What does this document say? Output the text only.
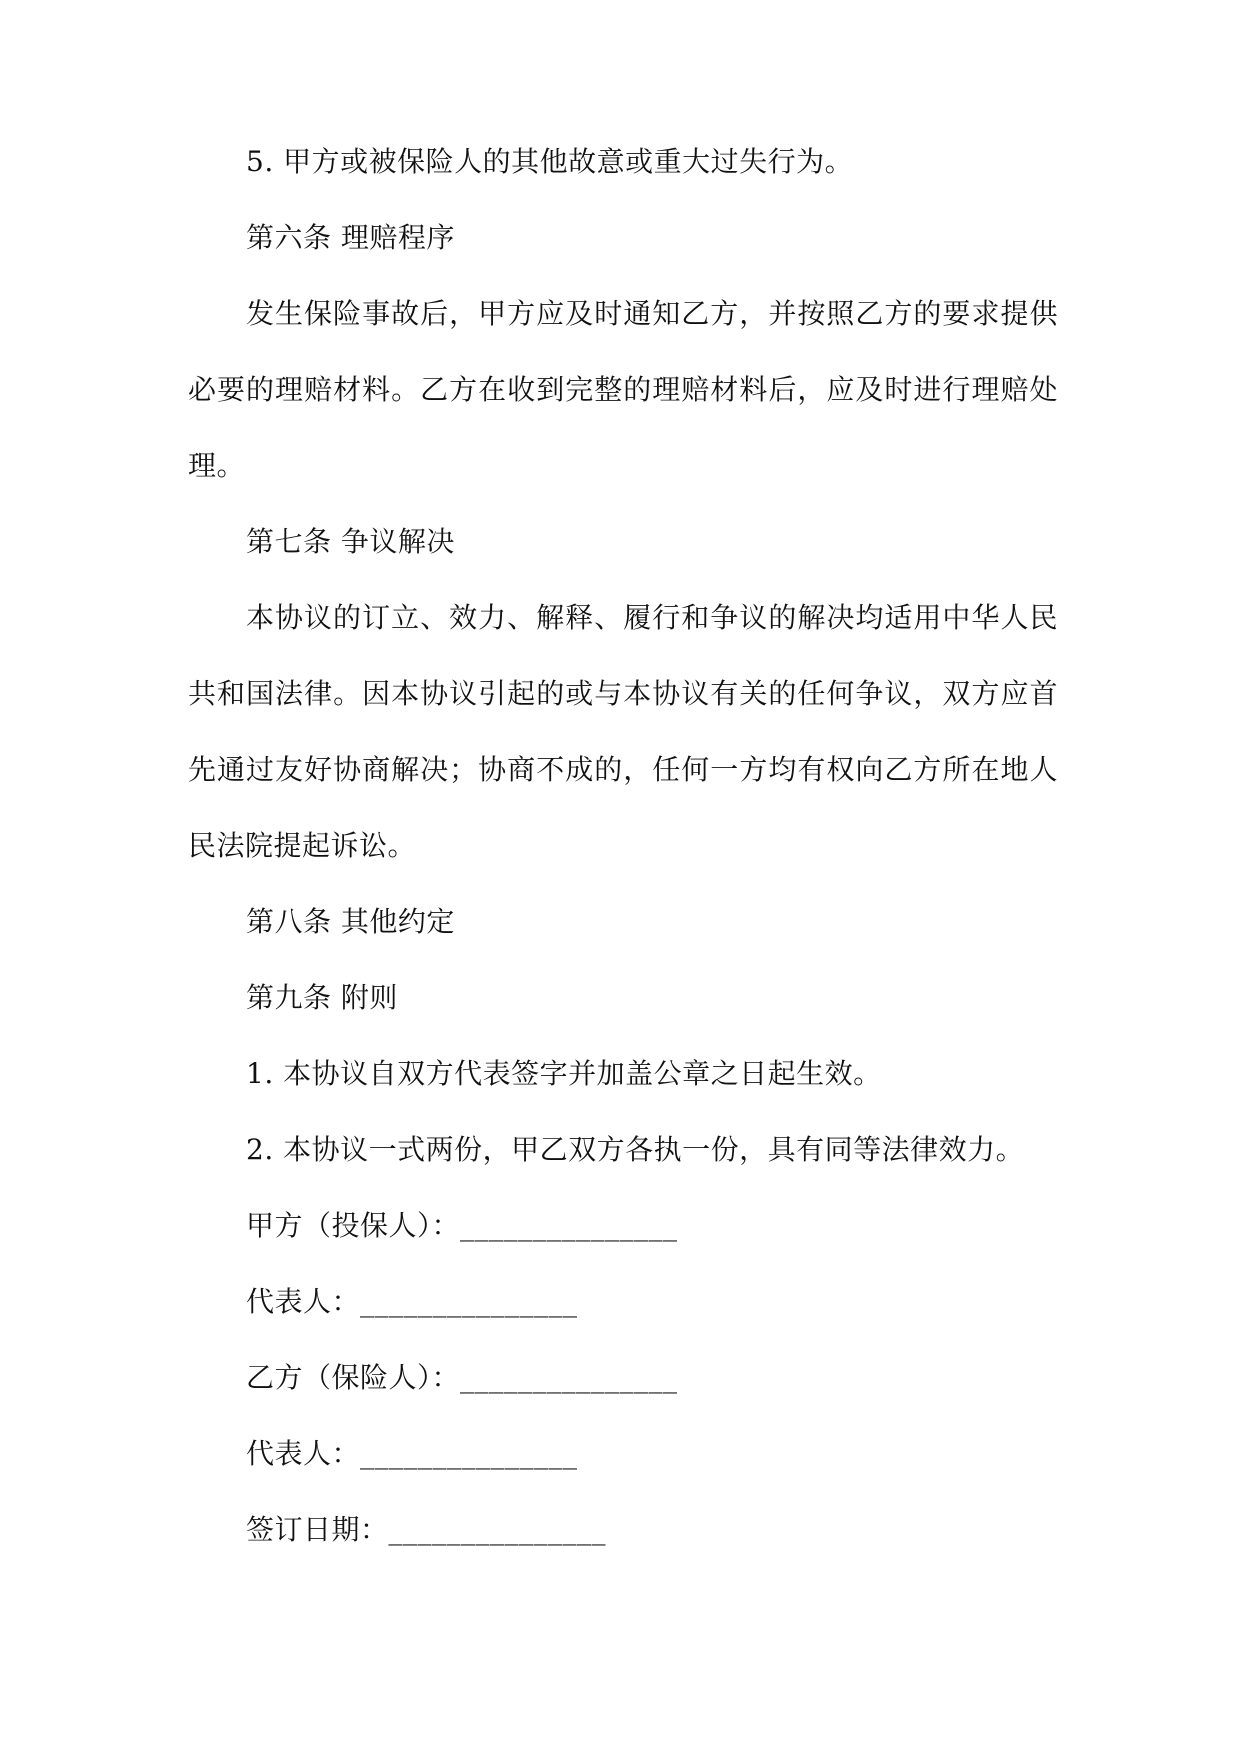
5. 甲方或被保险人的其他故意或重大过失行为。

第六条 理赔程序

发生保险事故后，甲方应及时通知乙方，并按照乙方的要求提供必要的理赔材料。乙方在收到完整的理赔材料后，应及时进行理赔处理。

第七条 争议解决

本协议的订立、效力、解释、履行和争议的解决均适用中华人民共和国法律。因本协议引起的或与本协议有关的任何争议，双方应首先通过友好协商解决；协商不成的，任何一方均有权向乙方所在地人民法院提起诉讼。

第八条 其他约定

第九条 附则

1. 本协议自双方代表签字并加盖公章之日起生效。

2. 本协议一式两份，甲乙双方各执一份，具有同等法律效力。

甲方（投保人）：_______________

代表人：_______________

乙方（保险人）：_______________

代表人：_______________

签订日期：_______________
